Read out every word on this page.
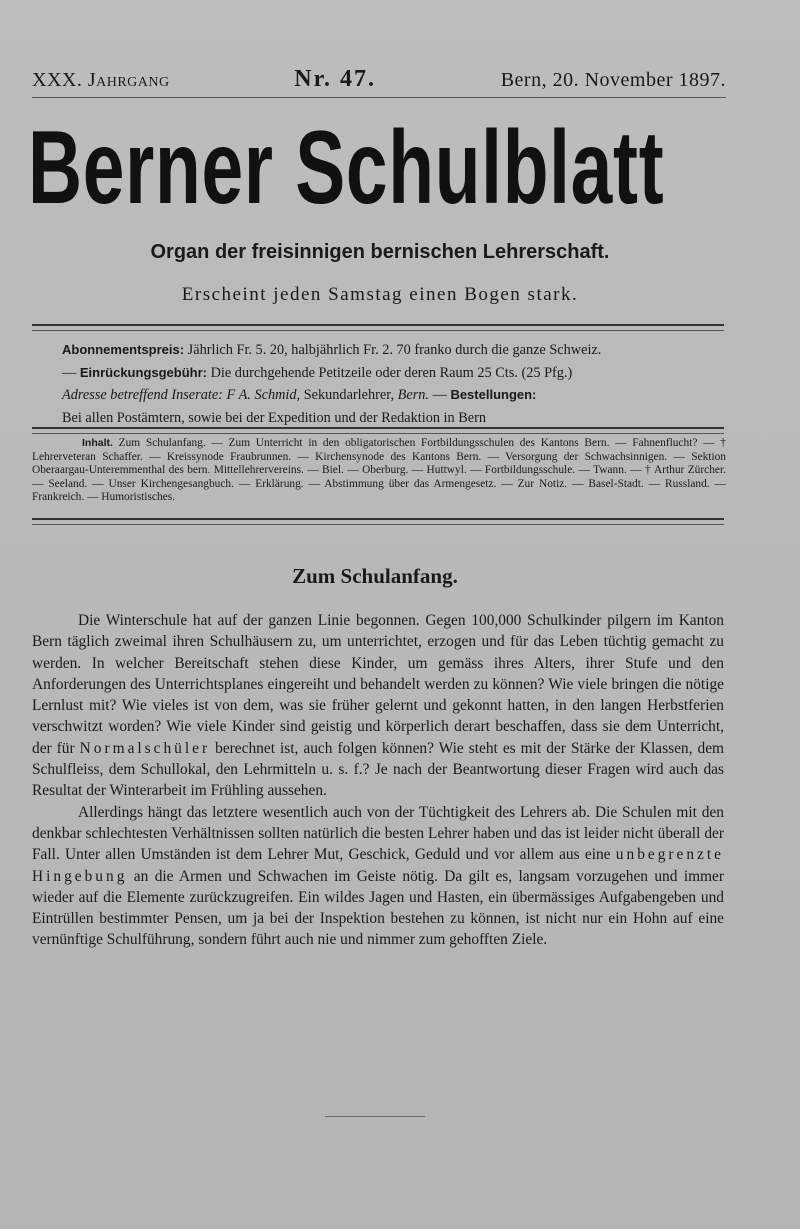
XXX. Jahrgang	Nr. 47.	Bern, 20. November 1897.
Berner Schulblatt
Organ der freisinnigen bernischen Lehrerschaft.
Erscheint jeden Samstag einen Bogen stark.

Abonnementspreis: Jährlich Fr. 5. 20, halbjährlich Fr. 2. 70 franko durch die ganze Schweiz.

— Einrückungsgebühr: Die durchgehende Petitzeile oder deren Raum 25 Cts. (25 Pfg.)

Adresse betreffend Inserate: F A. Schmid, Sekundarlehrer, Bern. — Bestellungen:

Bei allen Postämtern, sowie bei der Expedition und der Redaktion in Bern

Inhalt. Zum Schulanfang. — Zum Unterricht in den obligatorischen Fortbildungsschulen des Kantons Bern. — Fahnenflucht? — † Lehrerveteran Schaffer. — Kreissynode Fraubrunnen. — Kirchensynode des Kantons Bern. — Versorgung der Schwachsinnigen. — Sektion Oberaargau-Unteremmenthal des bern. Mittellehrervereins. — Biel. — Oberburg. — Huttwyl. — Fortbildungsschule. — Twann. — † Arthur Zürcher. — Seeland. — Unser Kirchengesangbuch. — Erklärung. — Abstimmung über das Armengesetz. — Zur Notiz. — Basel-Stadt. — Russland. — Frankreich. — Humoristisches.
Zum Schulanfang.

Die Winterschule hat auf der ganzen Linie begonnen. Gegen 100,000 Schulkinder pilgern im Kanton Bern täglich zweimal ihren Schulhäusern zu, um unterrichtet, erzogen und für das Leben tüchtig gemacht zu werden. In welcher Bereitschaft stehen diese Kinder, um gemäss ihres Alters, ihrer Stufe und den Anforderungen des Unterrichtsplanes eingereiht und behandelt werden zu können? Wie viele bringen die nötige Lernlust mit? Wie vieles ist von dem, was sie früher gelernt und gekonnt hatten, in den langen Herbstferien verschwitzt worden? Wie viele Kinder sind geistig und körperlich derart beschaffen, dass sie dem Unterricht, der für Normalschüler berechnet ist, auch folgen können? Wie steht es mit der Stärke der Klassen, dem Schulfleiss, dem Schullokal, den Lehrmitteln u. s. f.? Je nach der Beantwortung dieser Fragen wird auch das Resultat der Winterarbeit im Frühling aussehen.

Allerdings hängt das letztere wesentlich auch von der Tüchtigkeit des Lehrers ab. Die Schulen mit den denkbar schlechtesten Verhältnissen sollten natürlich die besten Lehrer haben und das ist leider nicht überall der Fall. Unter allen Umständen ist dem Lehrer Mut, Geschick, Geduld und vor allem aus eine unbegrenzte Hingebung an die Armen und Schwachen im Geiste nötig. Da gilt es, langsam vorzugehen und immer wieder auf die Elemente zurückzugreifen. Ein wildes Jagen und Hasten, ein übermässiges Aufgabengeben und Eintrüllen bestimmter Pensen, um ja bei der Inspektion bestehen zu können, ist nicht nur ein Hohn auf eine vernünftige Schulführung, sondern führt auch nie und nimmer zum gehofften Ziele.
